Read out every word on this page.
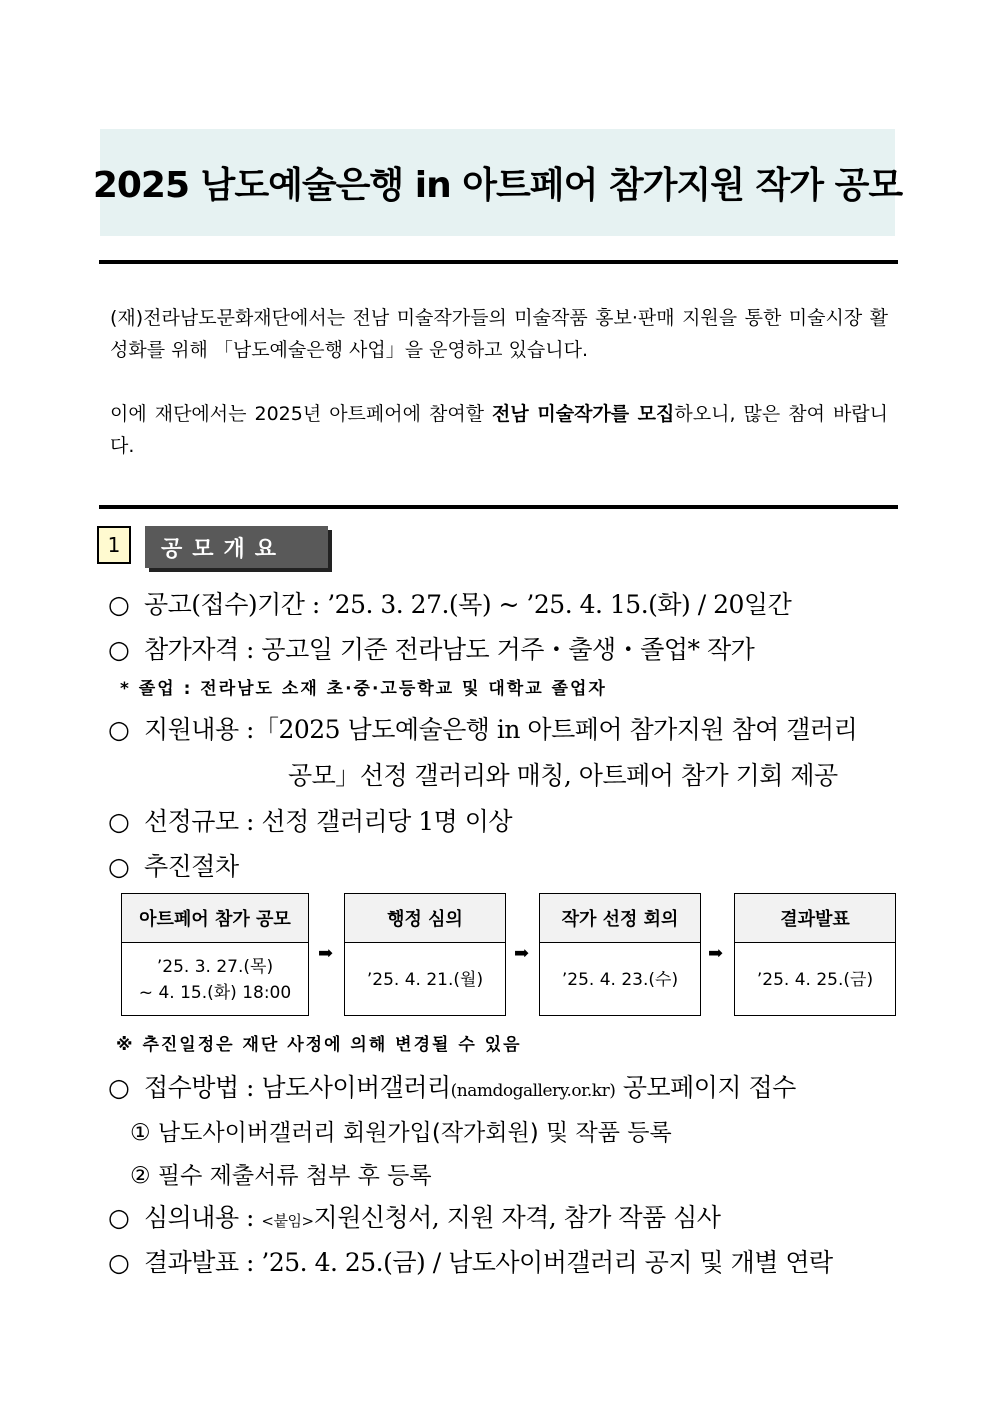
2025 남도예술은행 in 아트페어 참가지원 작가 공모
(재)전라남도문화재단에서는 전남 미술작가들의 미술작품 홍보·판매 지원을 통한 미술시장 활성화를 위해 「남도예술은행 사업」을 운영하고 있습니다.
이에 재단에서는 2025년 아트페어에 참여할 전남 미술작가를 모집하오니, 많은 참여 바랍니다.
1	공모개요
○ 공고(접수)기간 : ’25. 3. 27.(목) ~ ’25. 4. 15.(화) / 20일간
○ 참가자격 : 공고일 기준 전라남도 거주・출생・졸업* 작가
* 졸업 : 전라남도 소재 초·중·고등학교 및 대학교 졸업자
○ 지원내용 :「2025 남도예술은행 in 아트페어 참가지원 참여 갤러리
공모」선정 갤러리와 매칭, 아트페어 참가 기회 제공
○ 선정규모 : 선정 갤러리당 1명 이상
○ 추진절차
아트페어 참가 공모
’25. 3. 27.(목)
~ 4. 15.(화) 18:00
➡
행정 심의
’25. 4. 21.(월)
➡
작가 선정 회의
’25. 4. 23.(수)
➡
결과발표
’25. 4. 25.(금)
※ 추진일정은 재단 사정에 의해 변경될 수 있음
○ 접수방법 : 남도사이버갤러리(namdogallery.or.kr) 공모페이지 접수
① 남도사이버갤러리 회원가입(작가회원) 및 작품 등록
② 필수 제출서류 첨부 후 등록
○ 심의내용 : <붙임>지원신청서, 지원 자격, 참가 작품 심사
○ 결과발표 : ’25. 4. 25.(금) / 남도사이버갤러리 공지 및 개별 연락
